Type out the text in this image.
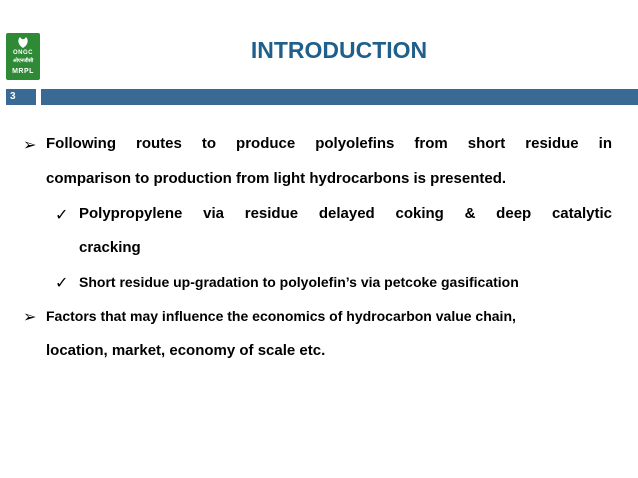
ONGC
ओएनजीसी
MRPL
INTRODUCTION
3
➢ Following routes to produce polyolefins from short residue in
comparison to production from light hydrocarbons is presented.
✓ Polypropylene via residue delayed coking & deep catalytic
cracking
✓ Short residue up-gradation to polyolefin’s via petcoke gasification
➢ Factors that may influence the economics of hydrocarbon value chain,
location, market, economy of scale etc.
